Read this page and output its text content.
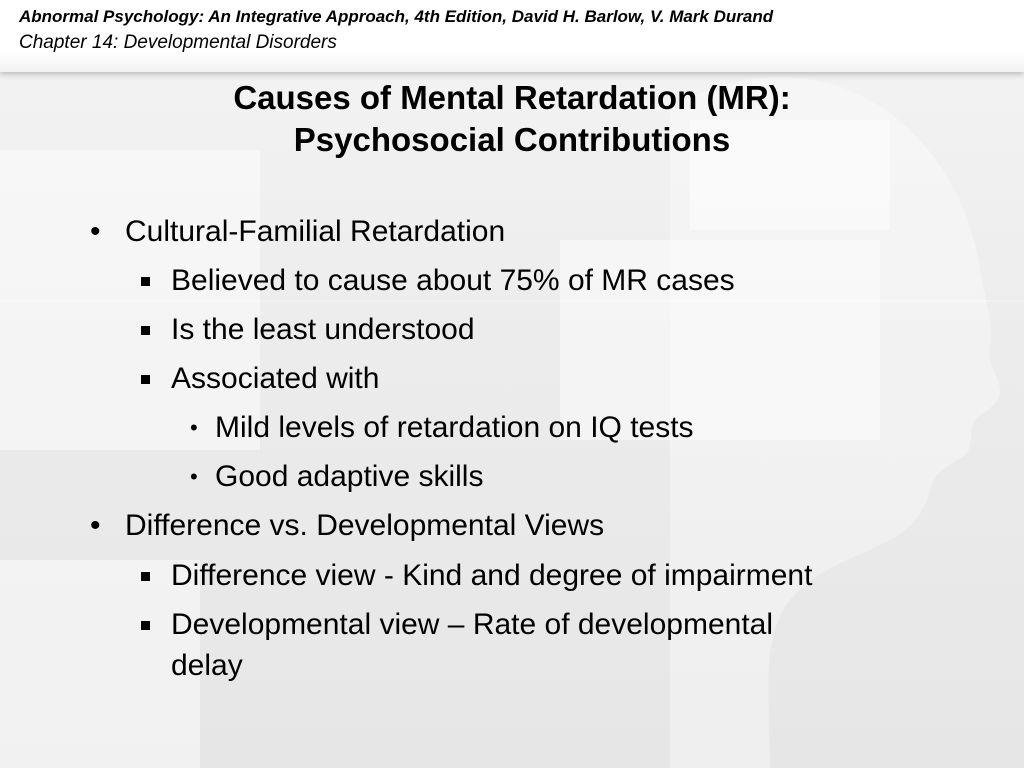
Abnormal Psychology: An Integrative Approach, 4th Edition, David H. Barlow, V. Mark Durand
Chapter 14: Developmental Disorders
Causes of Mental Retardation (MR):
Psychosocial Contributions
• Cultural-Familial Retardation
Believed to cause about 75% of MR cases
Is the least understood
Associated with
• Mild levels of retardation on IQ tests
• Good adaptive skills
• Difference vs. Developmental Views
Difference view - Kind and degree of impairment
Developmental view – Rate of developmental
delay
